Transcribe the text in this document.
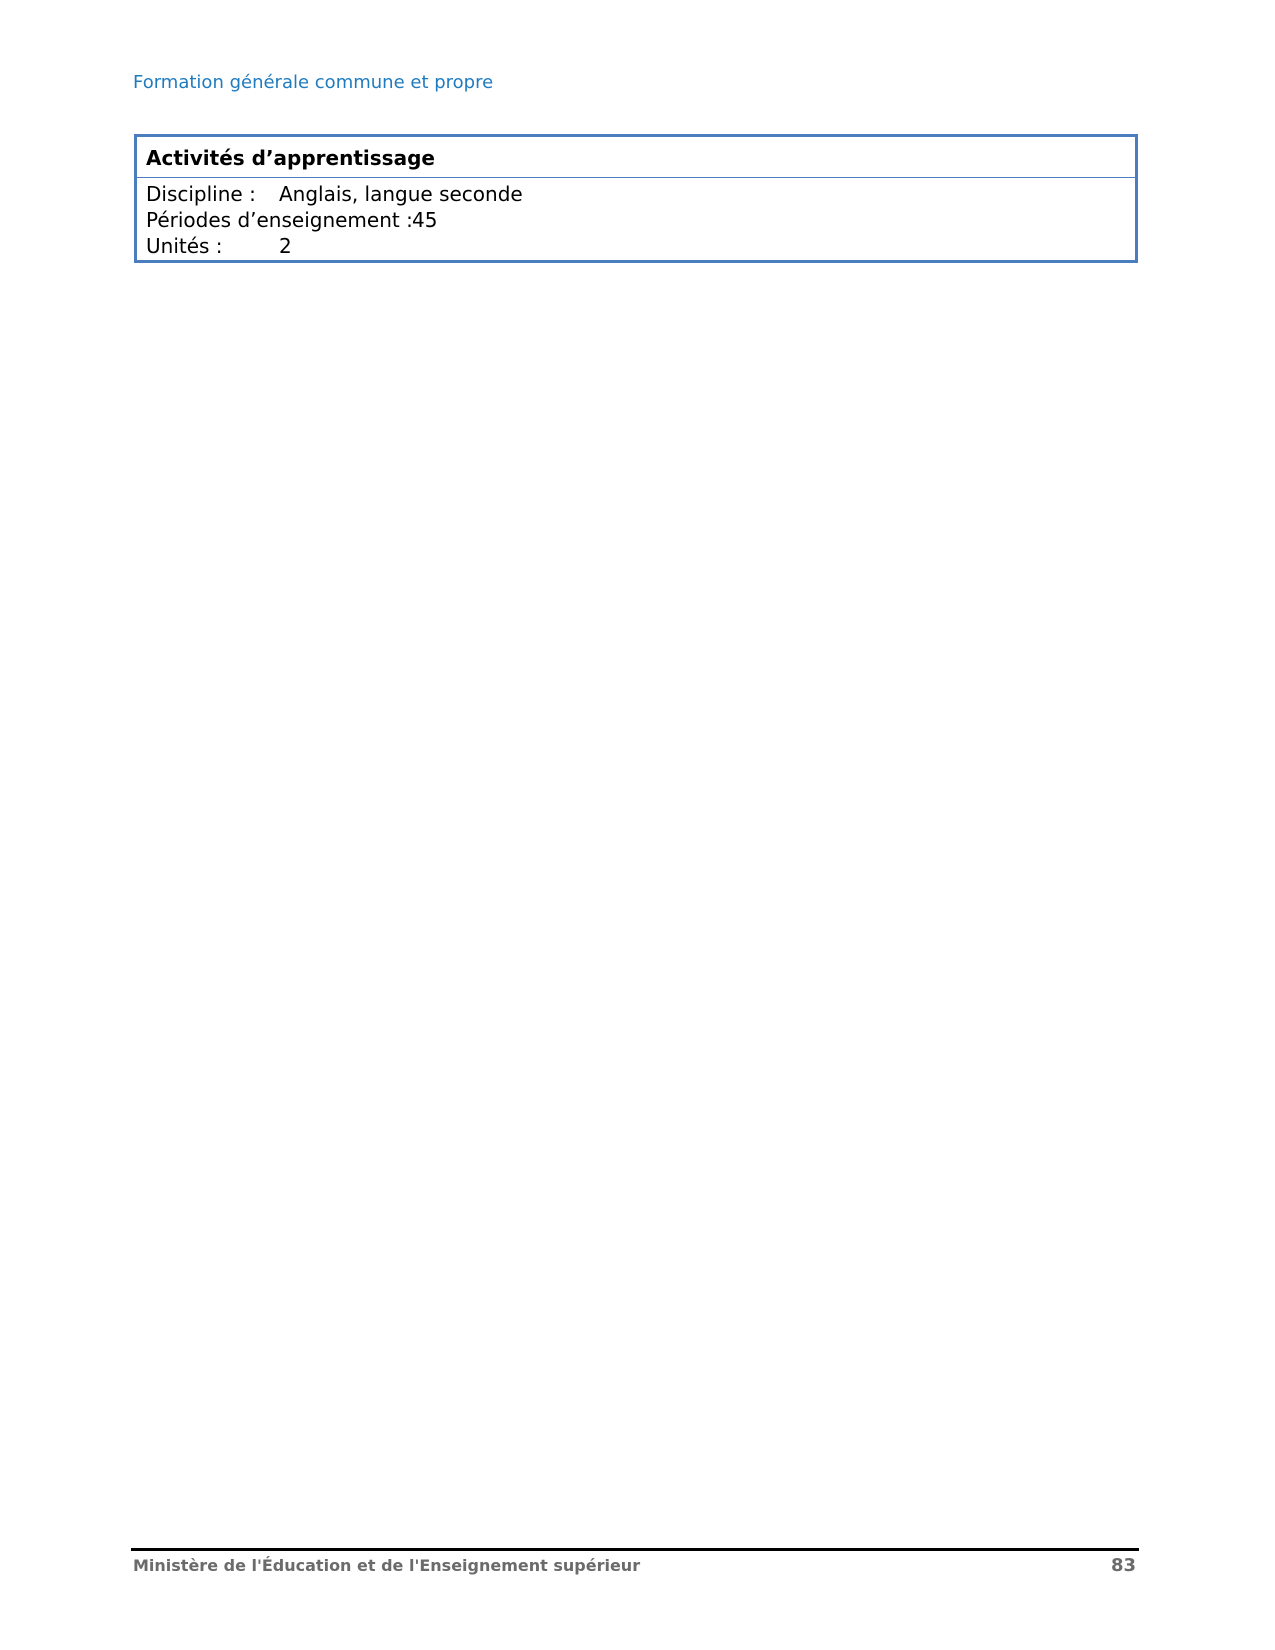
Formation générale commune et propre
Activités d’apprentissage
Discipline : Anglais, langue seconde
Périodes d’enseignement : 45
Unités :	2
Ministère de l'Éducation et de l'Enseignement supérieur	83
